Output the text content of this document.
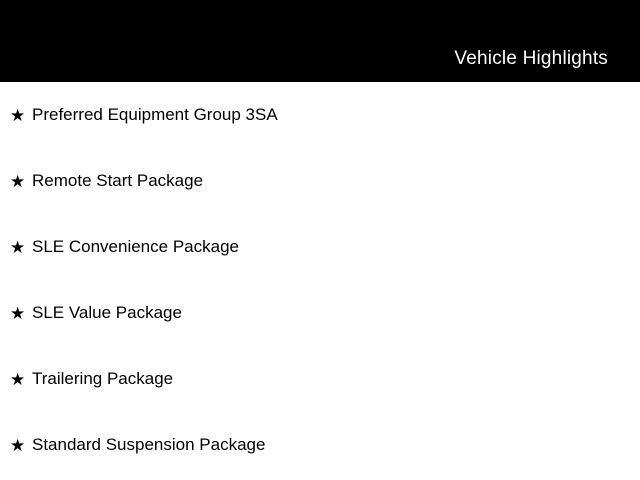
Vehicle Highlights
★ Preferred Equipment Group 3SA
★ Remote Start Package
★ SLE Convenience Package
★ SLE Value Package
★ Trailering Package
★ Standard Suspension Package
